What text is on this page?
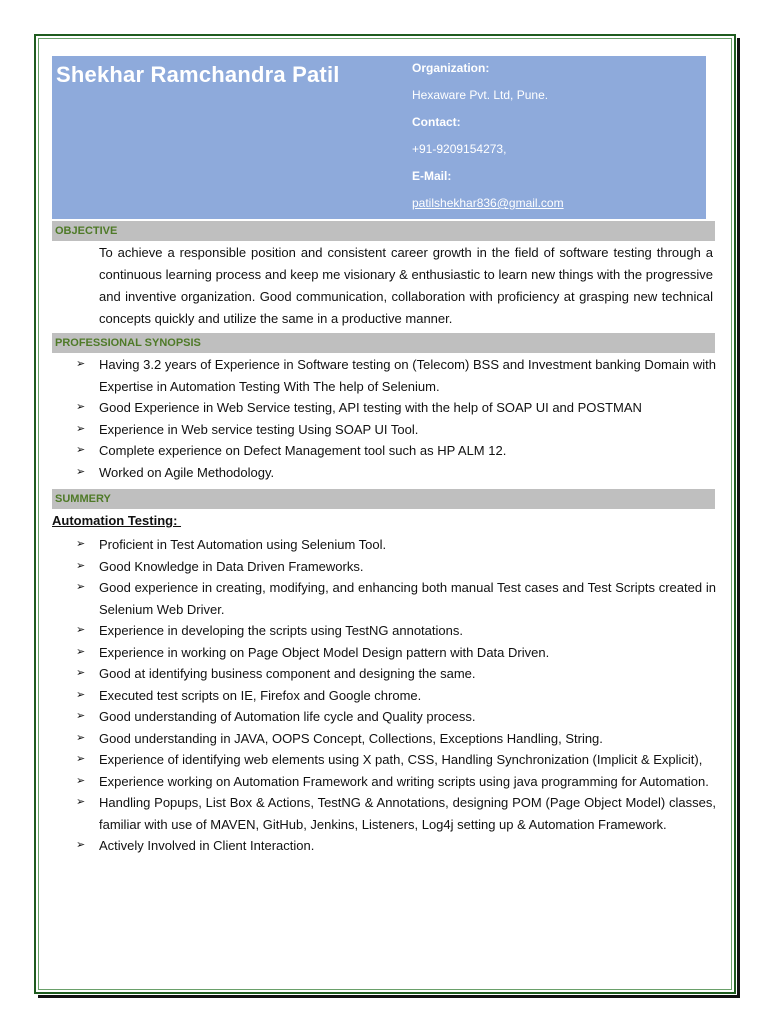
Shekhar Ramchandra Patil	Organization:
Hexaware Pvt. Ltd, Pune.
Contact:
+91-9209154273,
E-Mail:
patilshekhar836@gmail.com
OBJECTIVE
To achieve a responsible position and consistent career growth in the field of software testing through a continuous learning process and keep me visionary & enthusiastic to learn new things with the progressive and inventive organization. Good communication, collaboration with proficiency at grasping new technical concepts quickly and utilize the same in a productive manner.
PROFESSIONAL SYNOPSIS
➢	Having 3.2 years of Experience in Software testing on (Telecom) BSS and Investment banking Domain with Expertise in Automation Testing With The help of Selenium.
➢	Good Experience in Web Service testing, API testing with the help of SOAP UI and POSTMAN
➢	Experience in Web service testing Using SOAP UI Tool.
➢	Complete experience on Defect Management tool such as HP ALM 12.
➢	Worked on Agile Methodology.
SUMMERY
Automation Testing:
➢	Proficient in Test Automation using Selenium Tool.
➢	Good Knowledge in Data Driven Frameworks.
➢	Good experience in creating, modifying, and enhancing both manual Test cases and Test Scripts created in Selenium Web Driver.
➢	Experience in developing the scripts using TestNG annotations.
➢	Experience in working on Page Object Model Design pattern with Data Driven.
➢	Good at identifying business component and designing the same.
➢	Executed test scripts on IE, Firefox and Google chrome.
➢	Good understanding of Automation life cycle and Quality process.
➢	Good understanding in JAVA, OOPS Concept, Collections, Exceptions Handling, String.
➢	Experience of identifying web elements using X path, CSS, Handling Synchronization (Implicit & Explicit),
➢	Experience working on Automation Framework and writing scripts using java programming for Automation.
➢	Handling Popups, List Box & Actions, TestNG & Annotations, designing POM (Page Object Model) classes, familiar with use of MAVEN, GitHub, Jenkins, Listeners, Log4j setting up & Automation Framework.
➢	Actively Involved in Client Interaction.
